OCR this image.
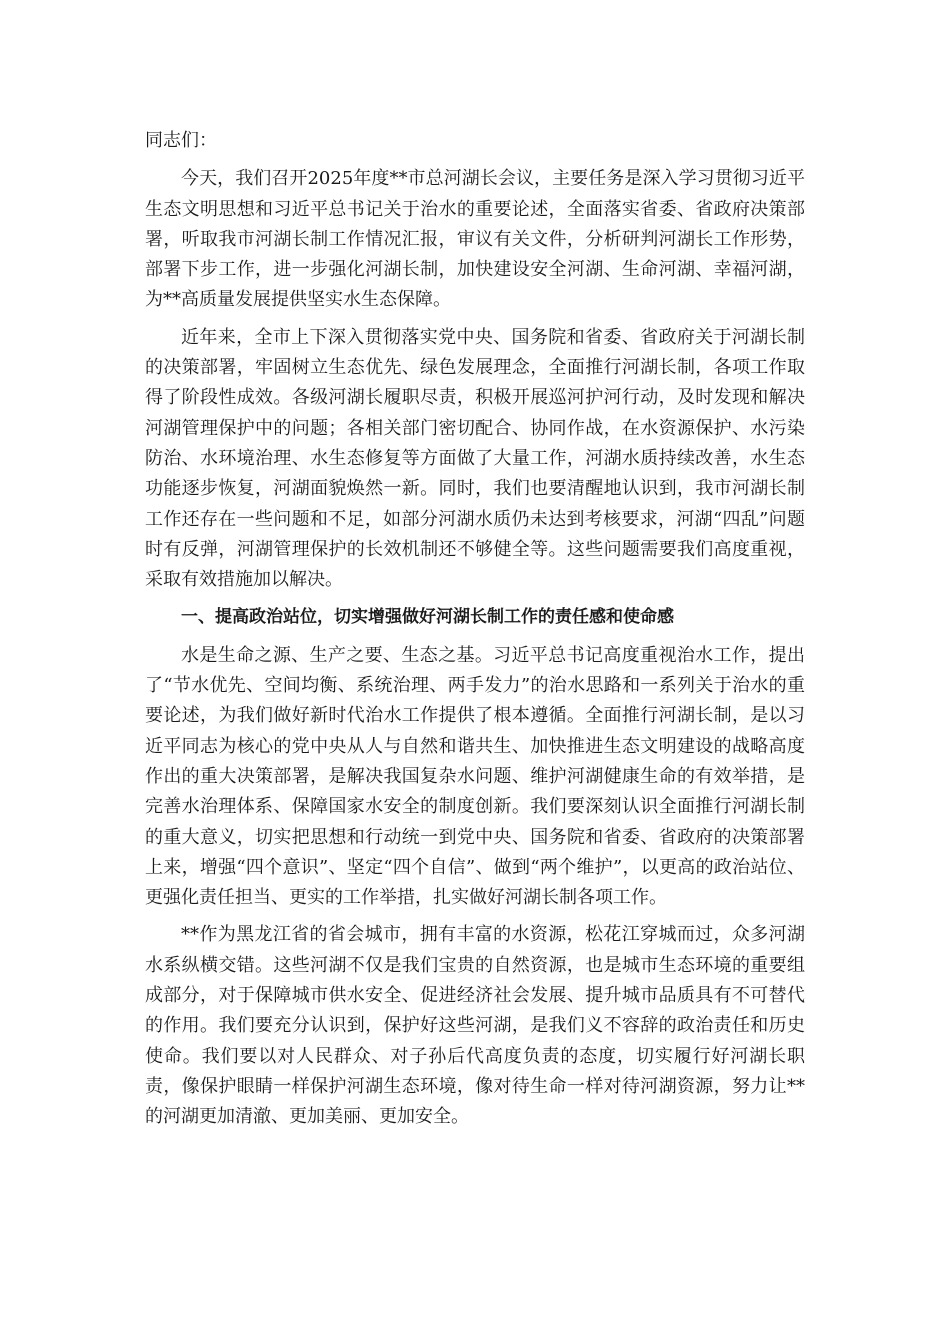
同志们：

今天，我们召开2025年度**市总河湖长会议，主要任务是深入学习贯彻习近平生态文明思想和习近平总书记关于治水的重要论述，全面落实省委、省政府决策部署，听取我市河湖长制工作情况汇报，审议有关文件，分析研判河湖长工作形势，部署下步工作，进一步强化河湖长制，加快建设安全河湖、生命河湖、幸福河湖，为**高质量发展提供坚实水生态保障。

近年来，全市上下深入贯彻落实党中央、国务院和省委、省政府关于河湖长制的决策部署，牢固树立生态优先、绿色发展理念，全面推行河湖长制，各项工作取得了阶段性成效。各级河湖长履职尽责，积极开展巡河护河行动，及时发现和解决河湖管理保护中的问题；各相关部门密切配合、协同作战，在水资源保护、水污染防治、水环境治理、水生态修复等方面做了大量工作，河湖水质持续改善，水生态功能逐步恢复，河湖面貌焕然一新。同时，我们也要清醒地认识到，我市河湖长制工作还存在一些问题和不足，如部分河湖水质仍未达到考核要求，河湖“四乱”问题时有反弹，河湖管理保护的长效机制还不够健全等。这些问题需要我们高度重视，采取有效措施加以解决。

一、提高政治站位，切实增强做好河湖长制工作的责任感和使命感

水是生命之源、生产之要、生态之基。习近平总书记高度重视治水工作，提出了“节水优先、空间均衡、系统治理、两手发力”的治水思路和一系列关于治水的重要论述，为我们做好新时代治水工作提供了根本遵循。全面推行河湖长制，是以习近平同志为核心的党中央从人与自然和谐共生、加快推进生态文明建设的战略高度作出的重大决策部署，是解决我国复杂水问题、维护河湖健康生命的有效举措，是完善水治理体系、保障国家水安全的制度创新。我们要深刻认识全面推行河湖长制的重大意义，切实把思想和行动统一到党中央、国务院和省委、省政府的决策部署上来，增强“四个意识”、坚定“四个自信”、做到“两个维护”，以更高的政治站位、更强化责任担当、更实的工作举措，扎实做好河湖长制各项工作。

**作为黑龙江省的省会城市，拥有丰富的水资源，松花江穿城而过，众多河湖水系纵横交错。这些河湖不仅是我们宝贵的自然资源，也是城市生态环境的重要组成部分，对于保障城市供水安全、促进经济社会发展、提升城市品质具有不可替代的作用。我们要充分认识到，保护好这些河湖，是我们义不容辞的政治责任和历史使命。我们要以对人民群众、对子孙后代高度负责的态度，切实履行好河湖长职责，像保护眼睛一样保护河湖生态环境，像对待生命一样对待河湖资源，努力让**的河湖更加清澈、更加美丽、更加安全。
